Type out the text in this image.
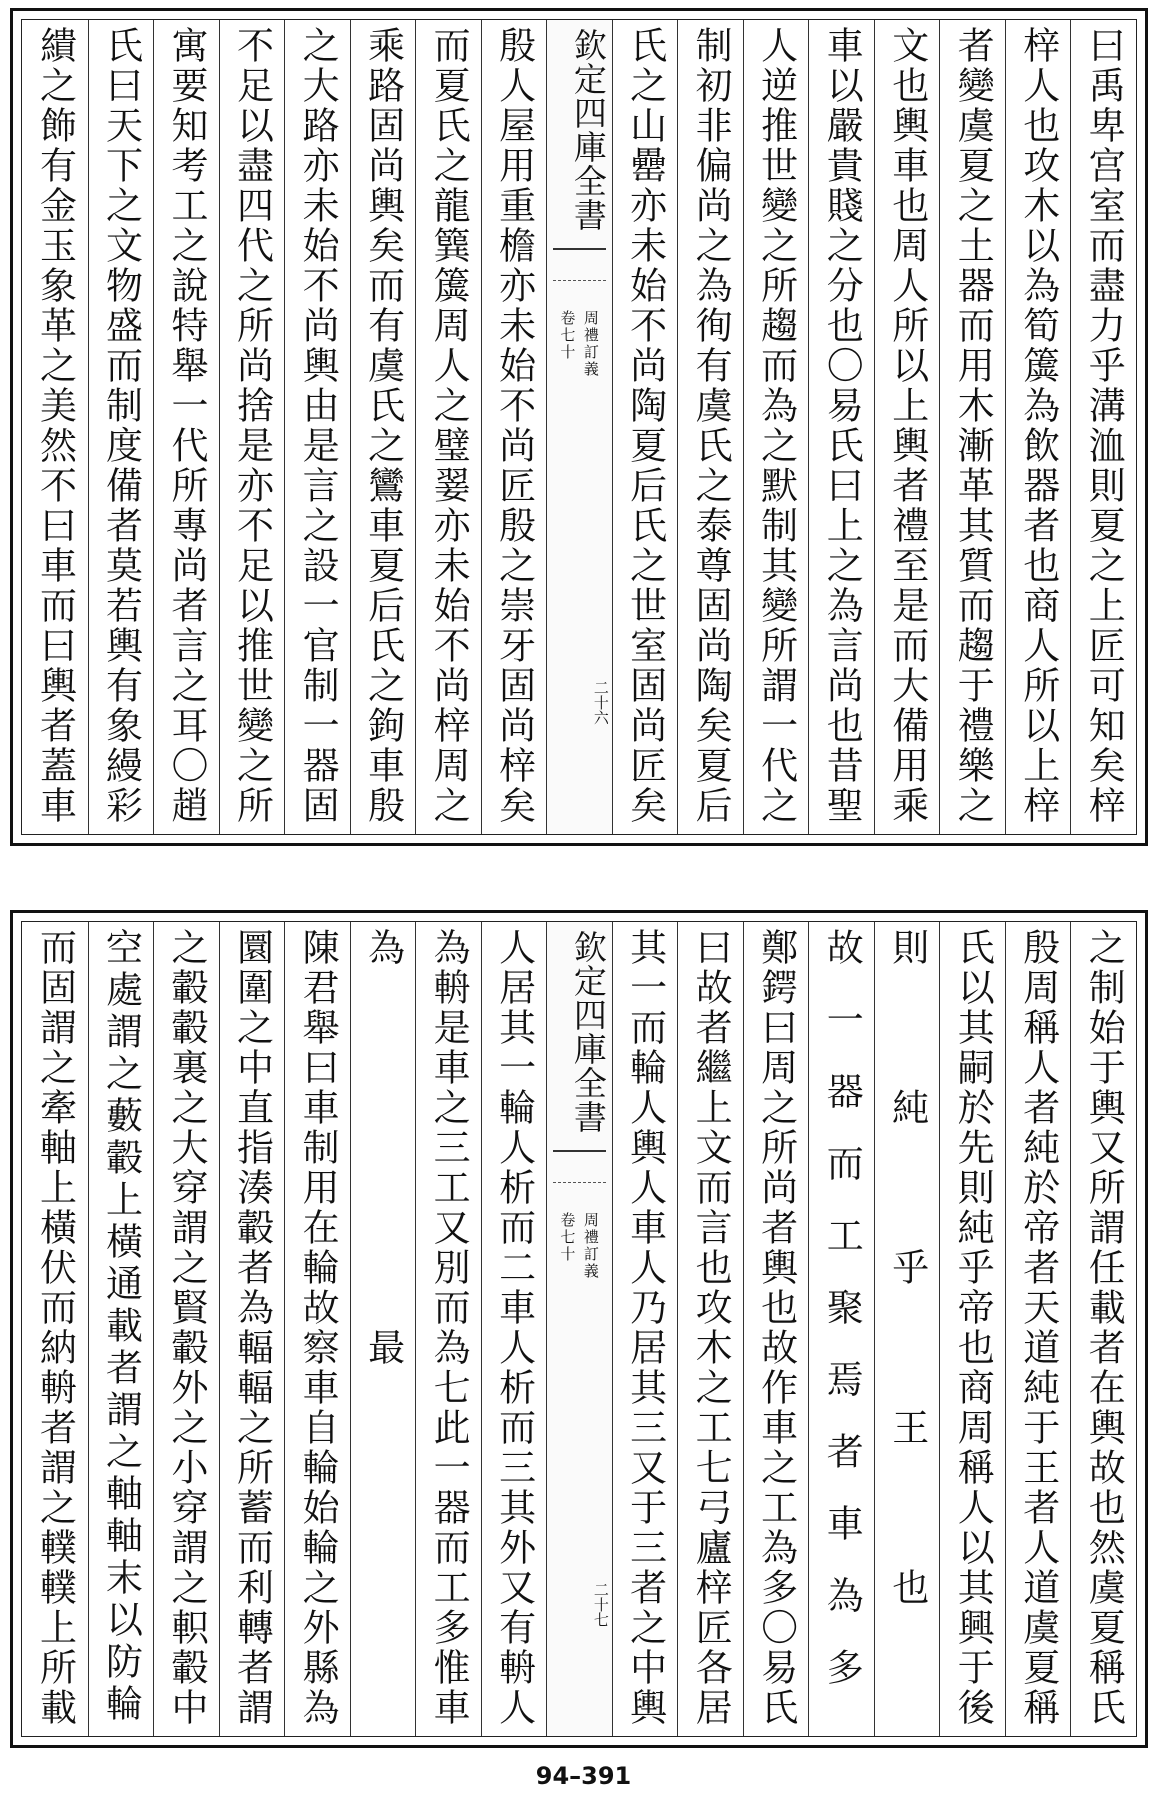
曰禹卑宫室而盡力乎溝洫則夏之上匠可知矣梓
梓人也攻木以為筍簴為飲器者也商人所以上梓
者變虞夏之土器而用木漸革其質而趨于禮樂之
文也輿車也周人所以上輿者禮至是而大備用乘
車以嚴貴賤之分也〇易氏曰上之為言尚也昔聖
人逆推世變之所趨而為之默制其變所謂一代之
制初非偏尚之為徇有虞氏之泰尊固尚陶矣夏后
氏之山罍亦未始不尚陶夏后氏之世室固尚匠矣
欽定四庫全書
周禮訂義
卷七十
二十六
殷人屋用重檐亦未始不尚匠殷之崇牙固尚梓矣
而夏氏之龍簨簴周人之璧翣亦未始不尚梓周之
乘路固尚輿矣而有虞氏之鸞車夏后氏之鉤車殷
之大路亦未始不尚輿由是言之設一官制一器固
不足以盡四代之所尚捨是亦不足以推世變之所
寓要知考工之說特舉一代所專尚者言之耳〇趙
氏曰天下之文物盛而制度備者莫若輿有象縵彩
繢之飾有金玉象革之美然不曰車而曰輿者蓋車
之制始于輿又所謂任載者在輿故也然虞夏稱氏
殷周稱人者純於帝者天道純于王者人道虞夏稱
氏以其嗣於先則純乎帝也商周稱人以其興于後
則純乎王也
故一器而工聚焉者車為多
鄭鍔曰周之所尚者輿也故作車之工為多〇易氏
曰故者繼上文而言也攻木之工七弓廬梓匠各居
其一而輪人輿人車人乃居其三又于三者之中輿
欽定四庫全書
周禮訂義
卷七十
二十七
人居其一輪人析而二車人析而三其外又有輈人
為輈是車之三工又別而為七此一器而工多惟車
為最
陳君舉曰車制用在輪故察車自輪始輪之外縣為
圜圍之中直指湊轂者為輻輻之所蓄而利轉者謂
之轂轂裏之大穿謂之賢轂外之小穿謂之軹轂中
空處謂之藪轂上橫通載者謂之軸軸末以防輪
而固謂之牽軸上橫伏而納輈者謂之轐轐上所載
94–391
